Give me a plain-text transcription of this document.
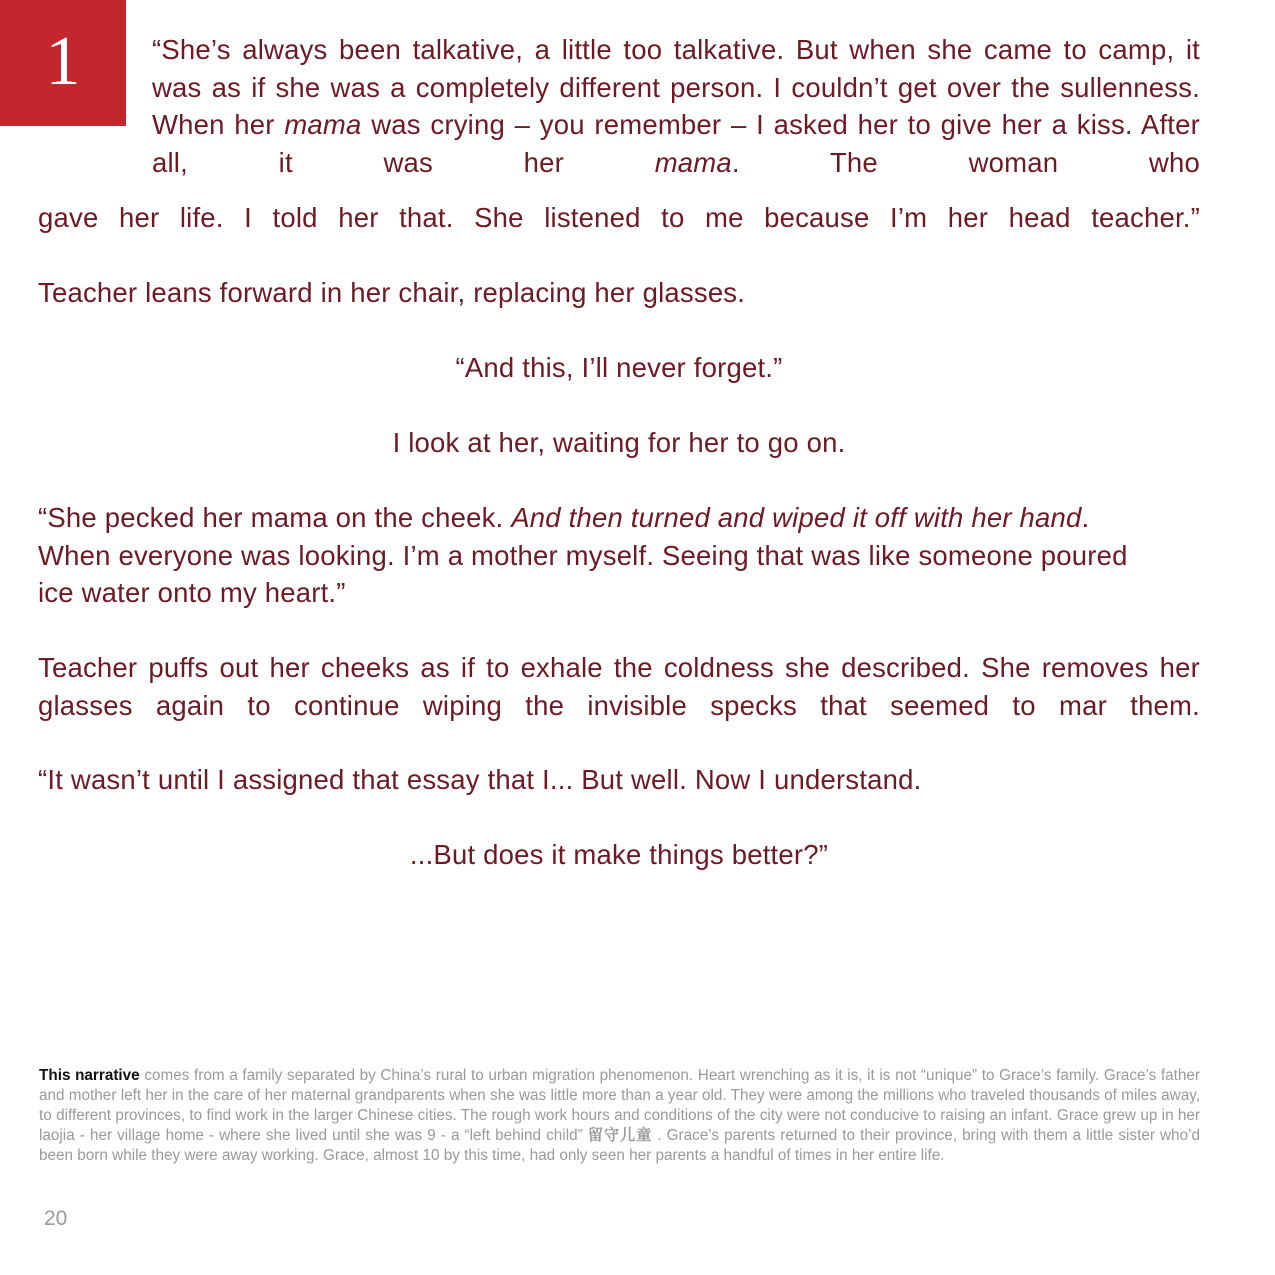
1	“She’s always been talkative, a little too talkative. But when she came to camp, it was as if she was a completely different person. I couldn’t get over the sullenness. When her mama was crying – you remember – I asked her to give her a kiss. After all, it was her mama. The woman who

gave her life. I told her that. She listened to me because I’m her head teacher.”

Teacher leans forward in her chair, replacing her glasses.

“And this, I’ll never forget.”

I look at her, waiting for her to go on.

“She pecked her mama on the cheek. And then turned and wiped it off with her hand. When everyone was looking. I’m a mother myself. Seeing that was like someone poured ice water onto my heart.”

Teacher puffs out her cheeks as if to exhale the coldness she described. She removes her glasses again to continue wiping the invisible specks that seemed to mar them.

“It wasn’t until I assigned that essay that I... But well. Now I understand.

...But does it make things better?”

This narrative comes from a family separated by China’s rural to urban migration phenomenon. Heart wrenching as it is, it is not “unique” to Grace’s family. Grace’s father and mother left her in the care of her maternal grandparents when she was little more than a year old. They were among the millions who traveled thousands of miles away, to different provinces, to find work in the larger Chinese cities. The rough work hours and conditions of the city were not conducive to raising an infant. Grace grew up in her laojia - her village home - where she lived until she was 9 - a “left behind child” 留守儿童 . Grace’s parents returned to their province, bring with them a little sister who’d been born while they were away working. Grace, almost 10 by this time, had only seen her parents a handful of times in her entire life.

20
